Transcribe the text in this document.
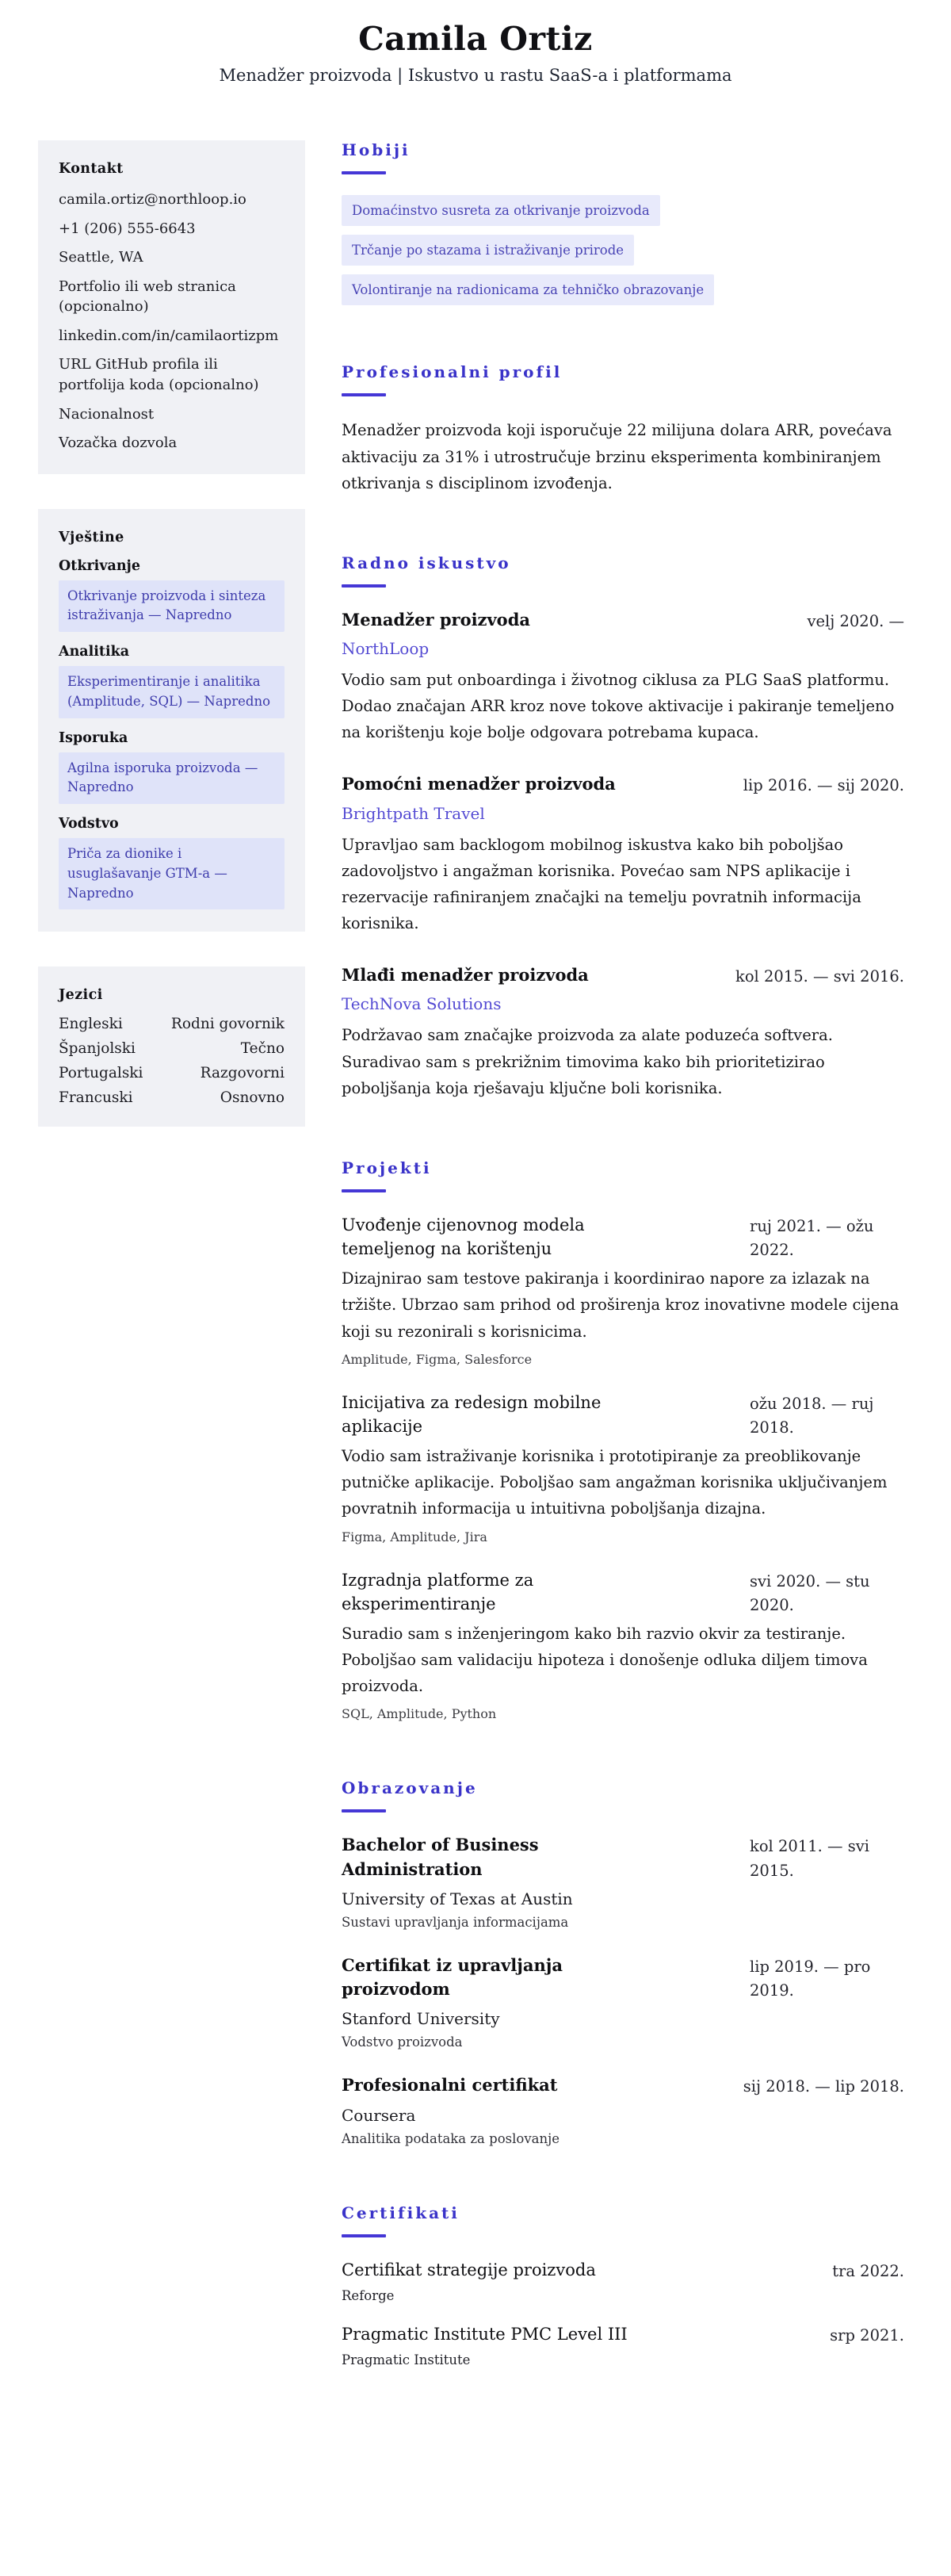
Camila Ortiz
Menadžer proizvoda | Iskustvo u rastu SaaS-a i platformama
Kontakt
camila.ortiz@northloop.io
+1 (206) 555-6643
Seattle, WA
Portfolio ili web stranica (opcionalno)
linkedin.com/in/camilaortizpm
URL GitHub profila ili portfolija koda (opcionalno)
Nacionalnost
Vozačka dozvola
Vještine
Otkrivanje
Otkrivanje proizvoda i sinteza istraživanja — Napredno
Analitika
Eksperimentiranje i analitika (Amplitude, SQL) — Napredno
Isporuka
Agilna isporuka proizvoda — Napredno
Vodstvo
Priča za dionike i usuglašavanje GTM-a — Napredno
Jezici
Engleski	Rodni govornik
Španjolski	Tečno
Portugalski	Razgovorni
Francuski	Osnovno
Hobiji
Domaćinstvo susreta za otkrivanje proizvoda
Trčanje po stazama i istraživanje prirode
Volontiranje na radionicama za tehničko obrazovanje
Profesionalni profil

Menadžer proizvoda koji isporučuje 22 milijuna dolara ARR, povećava aktivaciju za 31% i utrostručuje brzinu eksperimenta kombiniranjem otkrivanja s disciplinom izvođenja.

Radno iskustvo
Menadžer proizvoda	velj 2020. —
NorthLoop

Vodio sam put onboardinga i životnog ciklusa za PLG SaaS platformu. Dodao značajan ARR kroz nove tokove aktivacije i pakiranje temeljeno na korištenju koje bolje odgovara potrebama kupaca.

Pomoćni menadžer proizvoda	lip 2016. — sij 2020.
Brightpath Travel

Upravljao sam backlogom mobilnog iskustva kako bih poboljšao zadovoljstvo i angažman korisnika. Povećao sam NPS aplikacije i rezervacije rafiniranjem značajki na temelju povratnih informacija korisnika.

Mlađi menadžer proizvoda	kol 2015. — svi 2016.
TechNova Solutions

Podržavao sam značajke proizvoda za alate poduzeća softvera. Suradivao sam s prekrižnim timovima kako bih prioritetizirao poboljšanja koja rješavaju ključne boli korisnika.

Projekti
Uvođenje cijenovnog modela temeljenog na korištenju
ruj 2021. — ožu 2022.

Dizajnirao sam testove pakiranja i koordinirao napore za izlazak na tržište. Ubrzao sam prihod od proširenja kroz inovativne modele cijena koji su rezonirali s korisnicima.

Amplitude, Figma, Salesforce
Inicijativa za redesign mobilne aplikacije
ožu 2018. — ruj 2018.

Vodio sam istraživanje korisnika i prototipiranje za preoblikovanje putničke aplikacije. Poboljšao sam angažman korisnika uključivanjem povratnih informacija u intuitivna poboljšanja dizajna.

Figma, Amplitude, Jira
Izgradnja platforme za eksperimentiranje
svi 2020. — stu 2020.

Suradio sam s inženjeringom kako bih razvio okvir za testiranje. Poboljšao sam validaciju hipoteza i donošenje odluka diljem timova proizvoda.

SQL, Amplitude, Python
Obrazovanje
Bachelor of Business Administration
kol 2011. — svi 2015.
University of Texas at Austin
Sustavi upravljanja informacijama
Certifikat iz upravljanja proizvodom
lip 2019. — pro 2019.
Stanford University
Vodstvo proizvoda
Profesionalni certifikat	sij 2018. — lip 2018.
Coursera
Analitika podataka za poslovanje
Certifikati
Certifikat strategije proizvoda	tra 2022.
Reforge
Pragmatic Institute PMC Level III	srp 2021.
Pragmatic Institute
